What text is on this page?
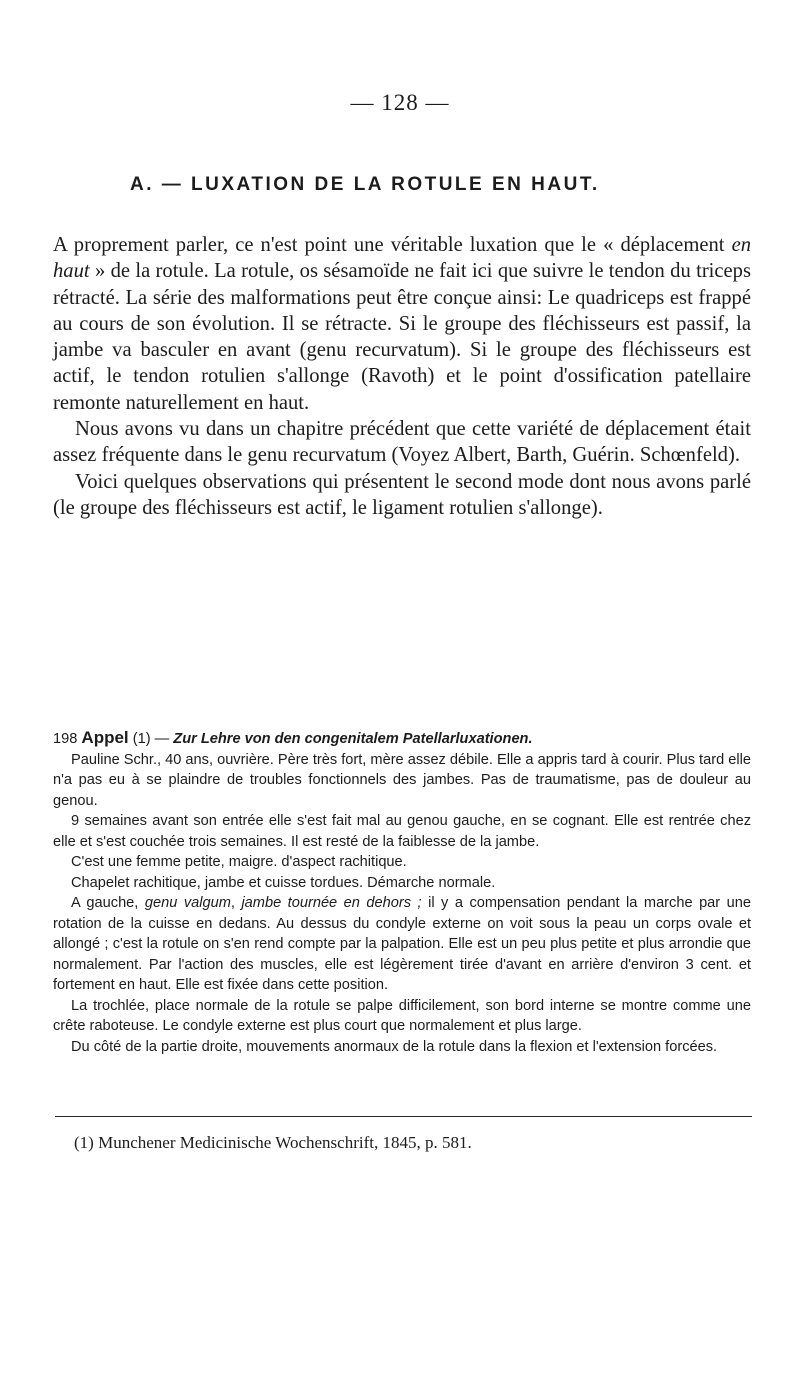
— 128 —
A. — LUXATION DE LA ROTULE EN HAUT.

A proprement parler, ce n'est point une véritable luxation que le « déplacement en haut » de la rotule. La rotule, os sésamoïde ne fait ici que suivre le tendon du triceps rétracté. La série des malformations peut être conçue ainsi: Le quadriceps est frappé au cours de son évolution. Il se rétracte. Si le groupe des fléchisseurs est passif, la jambe va basculer en avant (genu recurvatum). Si le groupe des fléchisseurs est actif, le tendon rotulien s'allonge (Ravoth) et le point d'ossification patellaire remonte naturellement en haut.

Nous avons vu dans un chapitre précédent que cette variété de déplacement était assez fréquente dans le genu recurvatum (Voyez Albert, Barth, Guérin. Schœnfeld).

Voici quelques observations qui présentent le second mode dont nous avons parlé (le groupe des fléchisseurs est actif, le ligament rotulien s'allonge).

198 Appel (1) — Zur Lehre von den congenitalem Patellarluxationen.

Pauline Schr., 40 ans, ouvrière. Père très fort, mère assez débile. Elle a appris tard à courir. Plus tard elle n'a pas eu à se plaindre de troubles fonctionnels des jambes. Pas de traumatisme, pas de douleur au genou.

9 semaines avant son entrée elle s'est fait mal au genou gauche, en se cognant. Elle est rentrée chez elle et s'est couchée trois semaines. Il est resté de la faiblesse de la jambe.

C'est une femme petite, maigre. d'aspect rachitique.

Chapelet rachitique, jambe et cuisse tordues. Démarche normale.

A gauche, genu valgum, jambe tournée en dehors ; il y a compensation pendant la marche par une rotation de la cuisse en dedans. Au dessus du condyle externe on voit sous la peau un corps ovale et allongé ; c'est la rotule on s'en rend compte par la palpation. Elle est un peu plus petite et plus arrondie que normalement. Par l'action des muscles, elle est légèrement tirée d'avant en arrière d'environ 3 cent. et fortement en haut. Elle est fixée dans cette position.

La trochlée, place normale de la rotule se palpe difficilement, son bord interne se montre comme une crête raboteuse. Le condyle externe est plus court que normalement et plus large.

Du côté de la partie droite, mouvements anormaux de la rotule dans la flexion et l'extension forcées.

(1) Munchener Medicinische Wochenschrift, 1845, p. 581.
